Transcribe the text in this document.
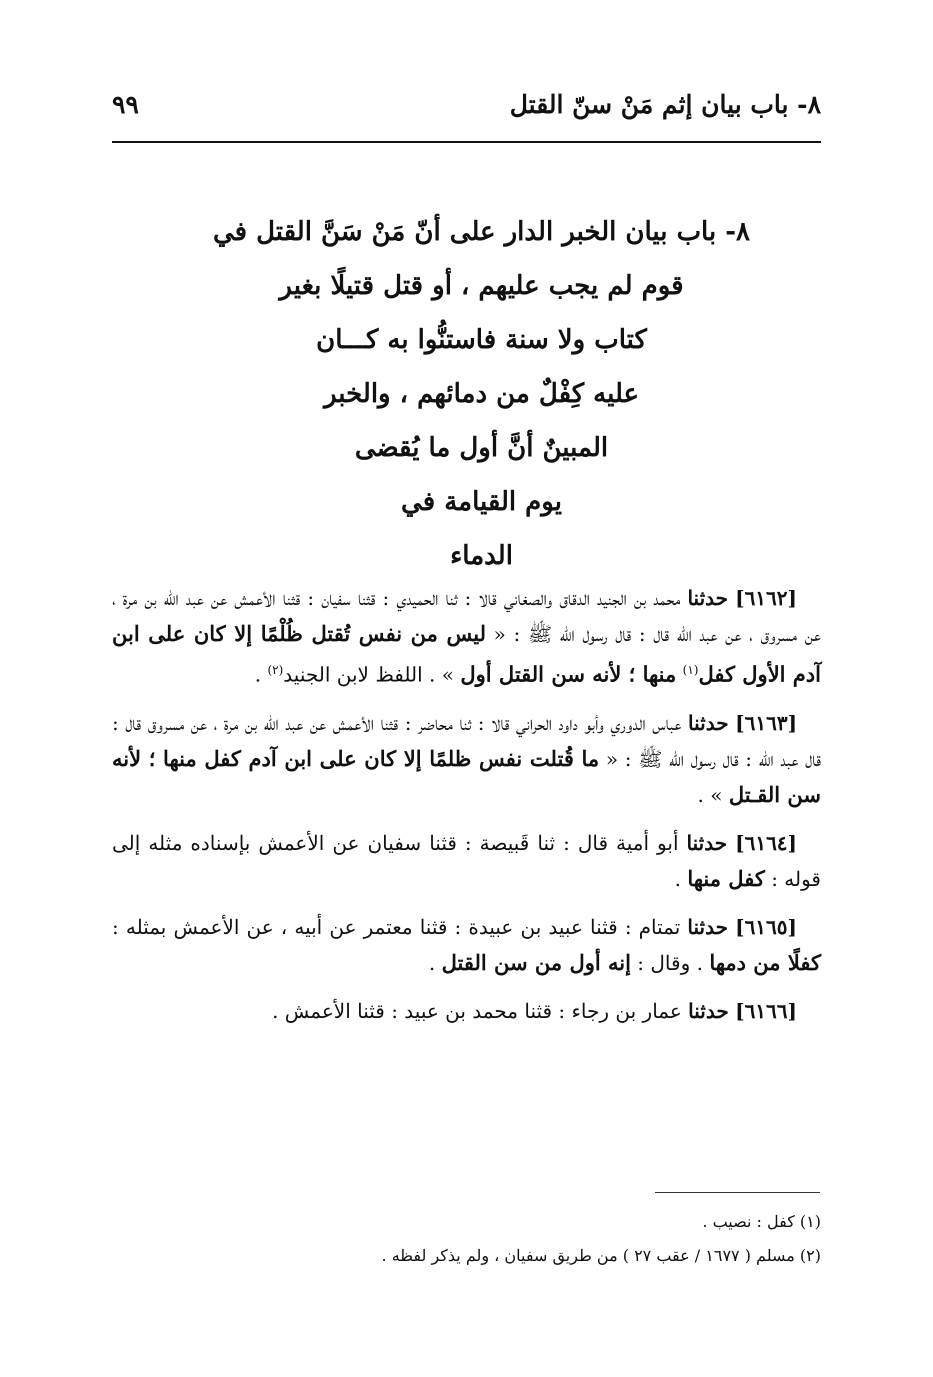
٨- باب بيان إثم مَنْ سنّ القتل
٩٩
٨- باب بيان الخبر الدار على أنّ مَنْ سَنَّ القتل في
قوم لم يجب عليهم ، أو قتل قتيلًا بغير
كتاب ولا سنة فاستنُّوا به كـــان
عليه كِفْلٌ من دمائهم ، والخبر
المبينٌ أنَّ أول ما يُقضى
يوم القيامة في
الدماء

[٦١٦٢] حدثنا محمد بن الجنيد الدقاق والصغاني قالا : ثنا الحميدي : قثنا سفيان : قثنا الأعمش عن عبد اللّٰه بن مرة ، عن مسروق ، عن عبد اللّٰه قال : قال رسول اللّٰه ﷺ : « ليس من نفس تُقتل ظُلْمًا إلا كان على ابن آدم الأول كفل$^{(١)}$ منها ؛ لأنه سن القتل أول » . اللفظ لابن الجنيد$^{(٢)}$ .

[٦١٦٣] حدثنا عباس الدوري وأبو داود الحراني قالا : ثنا محاضر : قثنا الأعمش عن عبد اللّٰه بن مرة ، عن مسروق قال : قال عبد اللّٰه : قال رسول اللّٰه ﷺ : « ما قُتلت نفس ظلمًا إلا كان على ابن آدم كفل منها ؛ لأنه سن القـتل » .

[٦١٦٤] حدثنا أبو أمية قال : ثنا قَبيصة : قثنا سفيان عن الأعمش بإسناده مثله إلى قوله : كفل منها .

[٦١٦٥] حدثنا تمتام : قثنا عبيد بن عبيدة : قثنا معتمر عن أبيه ، عن الأعمش بمثله : كفلًا من دمها . وقال : إنه أول من سن القتل .

[٦١٦٦] حدثنا عمار بن رجاء : قثنا محمد بن عبيد : قثنا الأعمش .

(١) كفل : نصيب .

(٢) مسلم ( ١٦٧٧ / عقب ٢٧ ) من طريق سفيان ، ولم يذكر لفظه .
